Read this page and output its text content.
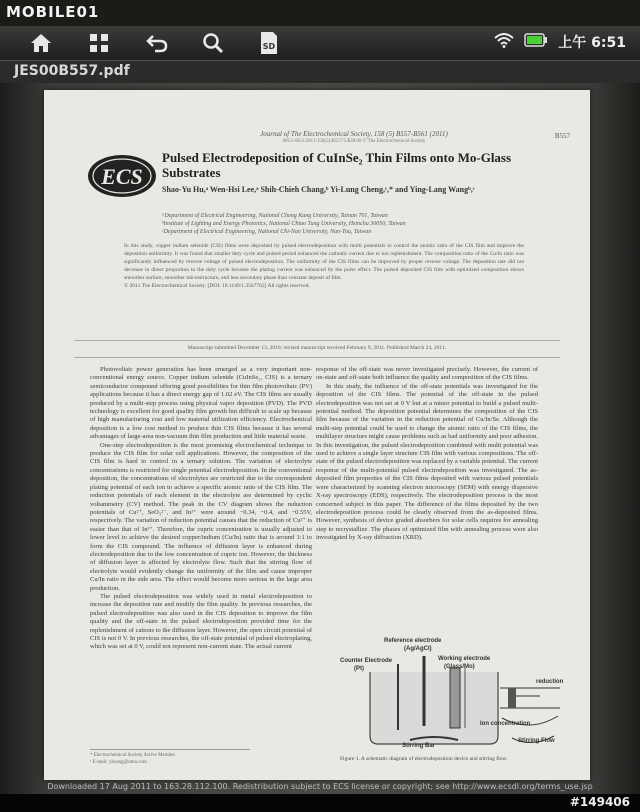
MOBILE01
SD	上午 6:51
JES00B557.pdf
Journal of The Electrochemical Society, 158 (5) B557-B561 (2011)
0013-4651/2011/158(5)/B557/5/$28.00 © The Electrochemical Society
B557
ECS
Pulsed Electrodeposition of CuInSe₂ Thin Films onto Mo-Glass Substrates
Shao-Yu Hu,ᵃ Wen-Hsi Lee,ᵃ Shih-Chieh Chang,ᵇ Yi-Lung Cheng,ᶜ,* and Ying-Lang Wangᵇ,ᶜ
ᵃDepartment of Electrical Engineering, National Cheng Kung University, Tainan 701, Taiwan
ᵇInstitute of Lighting and Energy Photonics, National Chiao Tung University, Hsinchu 30050, Taiwan
ᶜDepartment of Electrical Engineering, National Chi-Nan University, Nan-Tou, Taiwan
In this study, copper indium selenide (CIS) films were deposited by pulsed electrodeposition with multi potentials to control the atomic ratio of the CIS film and improve the deposition uniformity. It was found that smaller duty cycle and pulsed period enhanced the cathodic current due to ion replenishment. The composition ratio of the Cu/In ratio was significantly influenced by reverse voltage of pulsed electrodeposition. The uniformity of the CIS films can be improved by proper reverse voltage. The deposition rate did not decrease in direct proportion to the duty cycle because the plating current was enhanced by the pulse effect. The pulsed deposited CIS film with optimized composition shows smoother surface, smoother microstructure, and less secondary phase than constant deposit of film.
© 2011 The Electrochemical Society. [DOI: 10.1149/1.3567762] All rights reserved.
Manuscript submitted December 13, 2010; revised manuscript received February 9, 2011. Published March 24, 2011.

Photovoltaic power generation has been emerged as a very important non-conventional energy source. Copper indium selenide (CuInSe₂, CIS) is a ternary semiconductor compound offering good possibilities for thin film photovoltaic (PV) applications because it has a direct energy gap of 1.02 eV. The CIS films are usually produced by a multi-step process using physical vapor deposition (PVD). The PVD technology is excellent for good quality film growth but difficult to scale up because of high manufacturing cost and low material utilization efficiency. Electrochemical deposition is a low cost method to produce thin CIS films because it has several advantages of large-area non-vacuum thin film production and little material waste.

One-step electrodeposition is the most promising electrochemical technique to produce the CIS film for solar cell applications. However, the composition of the CIS film is hard to control in a ternary solution. The variation of electrolyte concentrations is restricted for single potential electrodeposition. In the conventional deposition, the concentrations of electrolytes are restricted due to the correspondent plating potential of each ion to achieve a specific atomic ratio of the CIS film. The reduction potentials of each element in the electrolyte are determined by cyclic voltammetry (CV) method. The peak in the CV diagram shows the reduction potentials of Cu²⁺, SeO₃²⁻, and In³⁺ were around −0.34, −0.4, and −0.55V, respectively. The variation of reduction potential causes that the reduction of Cu²⁺ is easier than that of In³⁺. Therefore, the cupric concentration is usually adjusted to lower level to achieve the desired copper/indium (Cu/In) ratio that is around 1:1 to form the CIS compound. The influence of diffusion layer is enhanced during electrodeposition due to the low concentration of cupric ion. However, the thickness of diffusion layer is affected by electrolyte flow. Such that the stirring flow of electrolyte would evidently change the uniformity of the film and cause improper Cu/In ratio in the side area. The effect would become more serious in the large area production.

The pulsed electrodeposition was widely used in metal electrodeposition to increase the deposition rate and modify the film quality. In previous researches, the pulsed electrodeposition was also used in the CIS deposition to improve the film quality and the off-state in the pulsed electrodeposition provided time for the replenishment of cations to the diffusion layer. However, the open circuit potential of CIS is not 0 V. In previous researches, the off-state potential of pulsed electroplating, which was set at 0 V, could not represent non-current state. The actual current

response of the off-state was never investigated precisely. However, the current of on-state and off-state both influence the quality and composition of the CIS films.

In this study, the influence of the off-state potentials was investigated for the deposition of the CIS films. The potential of the off-state in the pulsed electrodeposition was not set at 0 V but at a minor potential to build a pulsed multi-potential method. The deposition potential determines the composition of the CIS film because of the variation in the reduction potential of Cu/In/Se. Although the multi-step potential could be used to change the atomic ratio of the CIS films, the multilayer structure might cause problems such as bad uniformity and poor adhesion. In this investigation, the pulsed electrodeposition combined with multi potential was used to achieve a single layer structure CIS film with various compositions. The off-state of the pulsed electrodeposition was replaced by a variable potential. The current response of the multi-potential pulsed electrodeposition was investigated. The as-deposited film properties of the CIS films deposited with various pulsed potentials were characterized by scanning electron microscopy (SEM) with energy dispersive X-ray spectroscopy (EDS), respectively. The electrodeposition process is the most concerned subject in this paper. The difference of the films deposited by the two electrodeposition process could be clearly observed from the as-deposited films. However, synthesis of device graded absorbers for solar cells requires for annealing step to recrystallize. The phases of optimized film with annealing process were also investigated by X-ray diffraction (XRD).

* Electrochemical Society Active Member.
ᶻ E-mail: ylwang@ntnu.com
Reference electrode
(Ag/AgCl)
Counter Electrode
(Pt)
Working electrode
(Glass/Mo)
reduction
Ion concentration
Stirring Bar
Stirring Flow
Figure 1. A schematic diagram of electrodeposition device and stirring flow.
Downloaded 17 Aug 2011 to 163.28.112.100. Redistribution subject to ECS license or copyright; see http://www.ecsdl.org/terms_use.jsp
#149406
